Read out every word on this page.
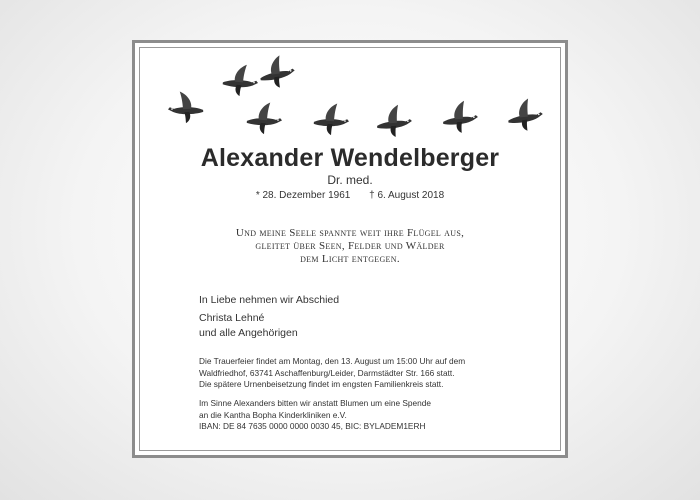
Alexander Wendelberger
Dr. med.
* 28. Dezember 1961 † 6. August 2018
Und meine Seele spannte weit ihre Flügel aus,
gleitet über Seen, Felder und Wälder
dem Licht entgegen.
In Liebe nehmen wir Abschied
Christa Lehné
und alle Angehörigen
Die Trauerfeier findet am Montag, den 13. August um 15:00 Uhr auf dem
Waldfriedhof, 63741 Aschaffenburg/Leider, Darmstädter Str. 166 statt.
Die spätere Urnenbeisetzung findet im engsten Familienkreis statt.
Im Sinne Alexanders bitten wir anstatt Blumen um eine Spende
an die Kantha Bopha Kinderkliniken e.V.
IBAN: DE 84 7635 0000 0000 0030 45, BIC: BYLADEM1ERH
